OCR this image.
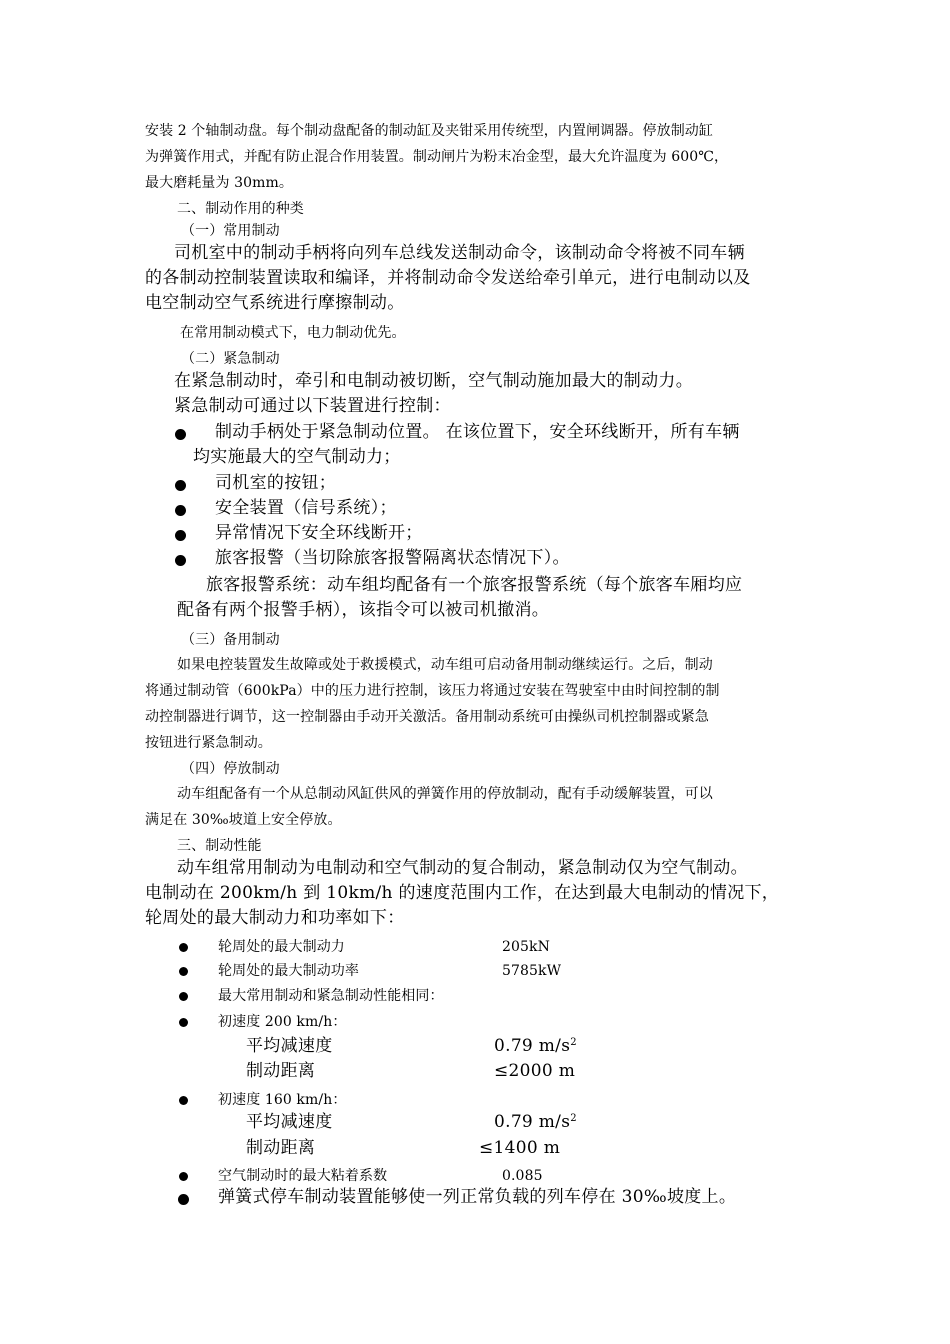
安装 2 个轴制动盘。每个制动盘配备的制动缸及夹钳采用传统型，内置闸调器。停放制动缸
为弹簧作用式，并配有防止混合作用装置。制动闸片为粉末冶金型，最大允许温度为 600℃，
最大磨耗量为 30mm。
二、制动作用的种类
（一）常用制动
司机室中的制动手柄将向列车总线发送制动命令，该制动命令将被不同车辆
的各制动控制装置读取和编译，并将制动命令发送给牵引单元，进行电制动以及
电空制动空气系统进行摩擦制动。
在常用制动模式下，电力制动优先。
（二）紧急制动
在紧急制动时，牵引和电制动被切断，空气制动施加最大的制动力。
紧急制动可通过以下装置进行控制：
制动手柄处于紧急制动位置。 在该位置下，安全环线断开，所有车辆
均实施最大的空气制动力；
司机室的按钮；
安全装置（信号系统）；
异常情况下安全环线断开；
旅客报警（当切除旅客报警隔离状态情况下）。
旅客报警系统：动车组均配备有一个旅客报警系统（每个旅客车厢均应
配备有两个报警手柄），该指令可以被司机撤消。
（三）备用制动
如果电控装置发生故障或处于救援模式，动车组可启动备用制动继续运行。之后，制动
将通过制动管（600kPa）中的压力进行控制，该压力将通过安装在驾驶室中由时间控制的制
动控制器进行调节，这一控制器由手动开关激活。备用制动系统可由操纵司机控制器或紧急
按钮进行紧急制动。
（四）停放制动
动车组配备有一个从总制动风缸供风的弹簧作用的停放制动，配有手动缓解装置，可以
满足在 30‰坡道上安全停放。
三、制动性能
动车组常用制动为电制动和空气制动的复合制动，紧急制动仅为空气制动。
电制动在 200km/h 到 10km/h 的速度范围内工作，在达到最大电制动的情况下，
轮周处的最大制动力和功率如下：
轮周处的最大制动力	205kN
轮周处的最大制动功率	5785kW
最大常用制动和紧急制动性能相同：
初速度 200 km/h：
平均减速度	0.79 $m/s^2$
制动距离	≤2000 m
初速度 160 km/h：
平均减速度	0.79 $m/s^2$
制动距离	≤1400 m
空气制动时的最大粘着系数	0.085
弹簧式停车制动装置能够使一列正常负载的列车停在 30‰坡度上。
